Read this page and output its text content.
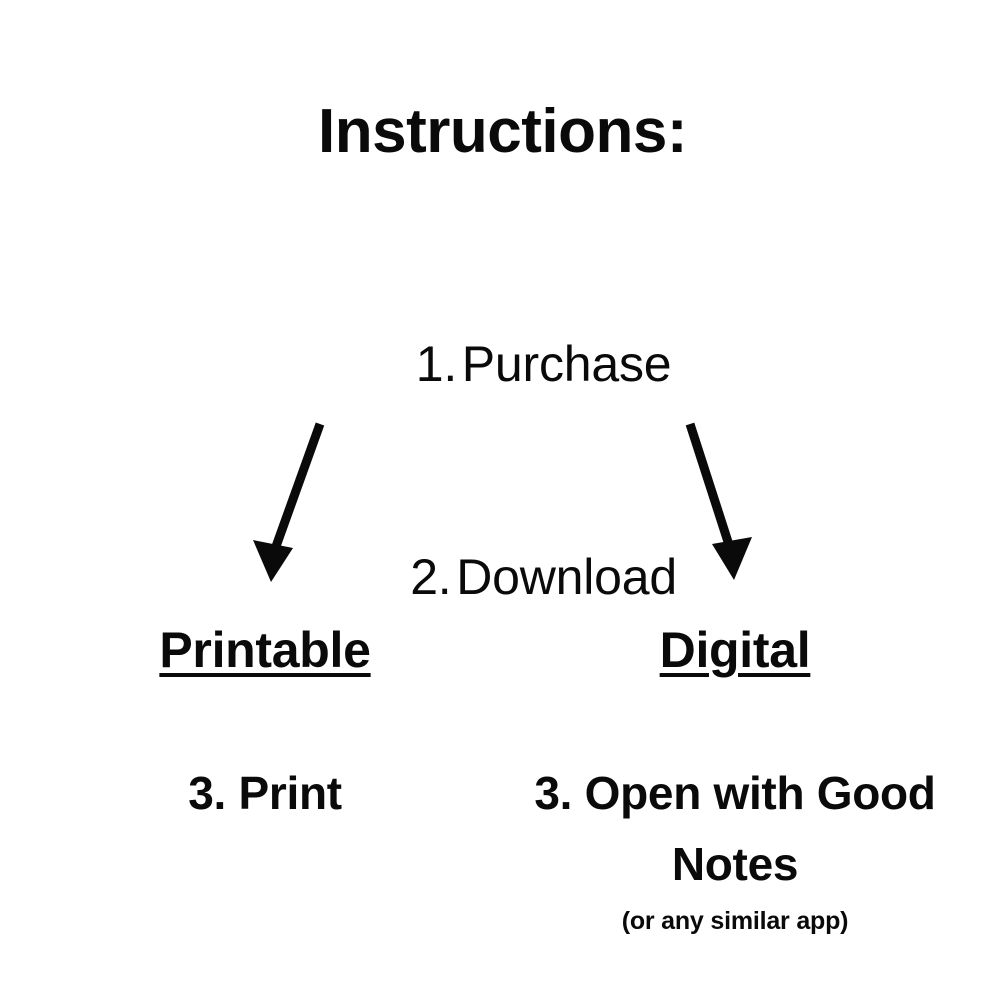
Instructions:

1.Purchase

2.Download

Printable
3. Print
Digital
3. Open with Good Notes
(or any similar app)
